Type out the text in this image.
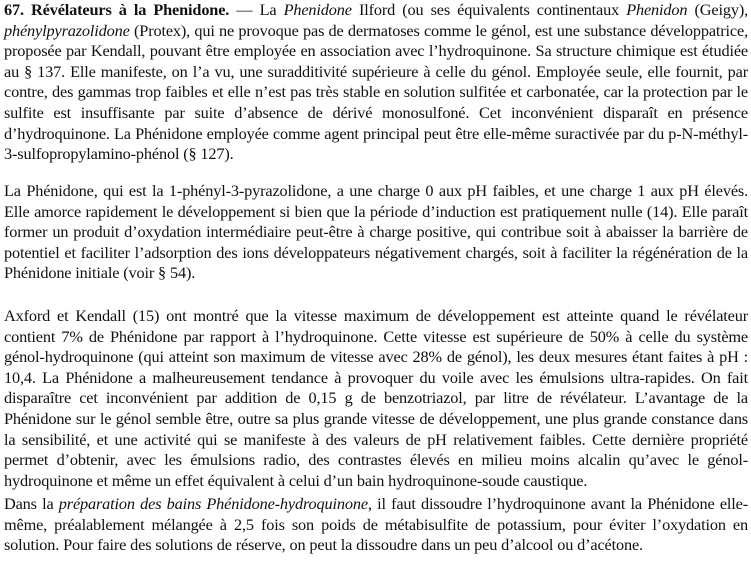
67. Révélateurs à la Phenidone. — La Phenidone Ilford (ou ses équivalents continentaux Phenidon (Geigy), phénylpyrazolidone (Protex), qui ne provoque pas de dermatoses comme le génol, est une substance développatrice, proposée par Kendall, pouvant être employée en association avec l’hydroquinone. Sa structure chimique est étudiée au § 137. Elle manifeste, on l’a vu, une suradditivité supérieure à celle du génol. Employée seule, elle fournit, par contre, des gammas trop faibles et elle n’est pas très stable en solution sulfitée et carbonatée, car la protection par le sulfite est insuffisante par suite d’absence de dérivé monosulfoné. Cet inconvénient disparaît en présence d’hydroquinone. La Phénidone employée comme agent principal peut être elle-même suractivée par du p-N-méthyl-3-sulfopropylamino-phénol (§ 127).

La Phénidone, qui est la 1-phényl-3-pyrazolidone, a une charge 0 aux pH faibles, et une charge 1 aux pH élevés. Elle amorce rapidement le développement si bien que la période d’induction est pratiquement nulle (14). Elle paraît former un produit d’oxydation intermédiaire peut-être à charge positive, qui contribue soit à abaisser la barrière de potentiel et faciliter l’adsorption des ions développateurs négativement chargés, soit à faciliter la régénération de la Phénidone initiale (voir § 54).

Axford et Kendall (15) ont montré que la vitesse maximum de développement est atteinte quand le révélateur contient 7% de Phénidone par rapport à l’hydroquinone. Cette vitesse est supérieure de 50% à celle du système génol-hydroquinone (qui atteint son maximum de vitesse avec 28% de génol), les deux mesures étant faites à pH : 10,4. La Phénidone a malheureusement tendance à provoquer du voile avec les émulsions ultra-rapides. On fait disparaître cet inconvénient par addition de 0,15 g de benzotriazol, par litre de révélateur. L’avantage de la Phénidone sur le génol semble être, outre sa plus grande vitesse de développement, une plus grande constance dans la sensibilité, et une activité qui se manifeste à des valeurs de pH relativement faibles. Cette dernière propriété permet d’obtenir, avec les émulsions radio, des contrastes élevés en milieu moins alcalin qu’avec le génol-hydroquinone et même un effet équivalent à celui d’un bain hydroquinone-soude caustique.

Dans la préparation des bains Phénidone-hydroquinone, il faut dissoudre l’hydroquinone avant la Phénidone elle-même, préalablement mélangée à 2,5 fois son poids de métabisulfite de potassium, pour éviter l’oxydation en solution. Pour faire des solutions de réserve, on peut la dissoudre dans un peu d’alcool ou d’acétone.
